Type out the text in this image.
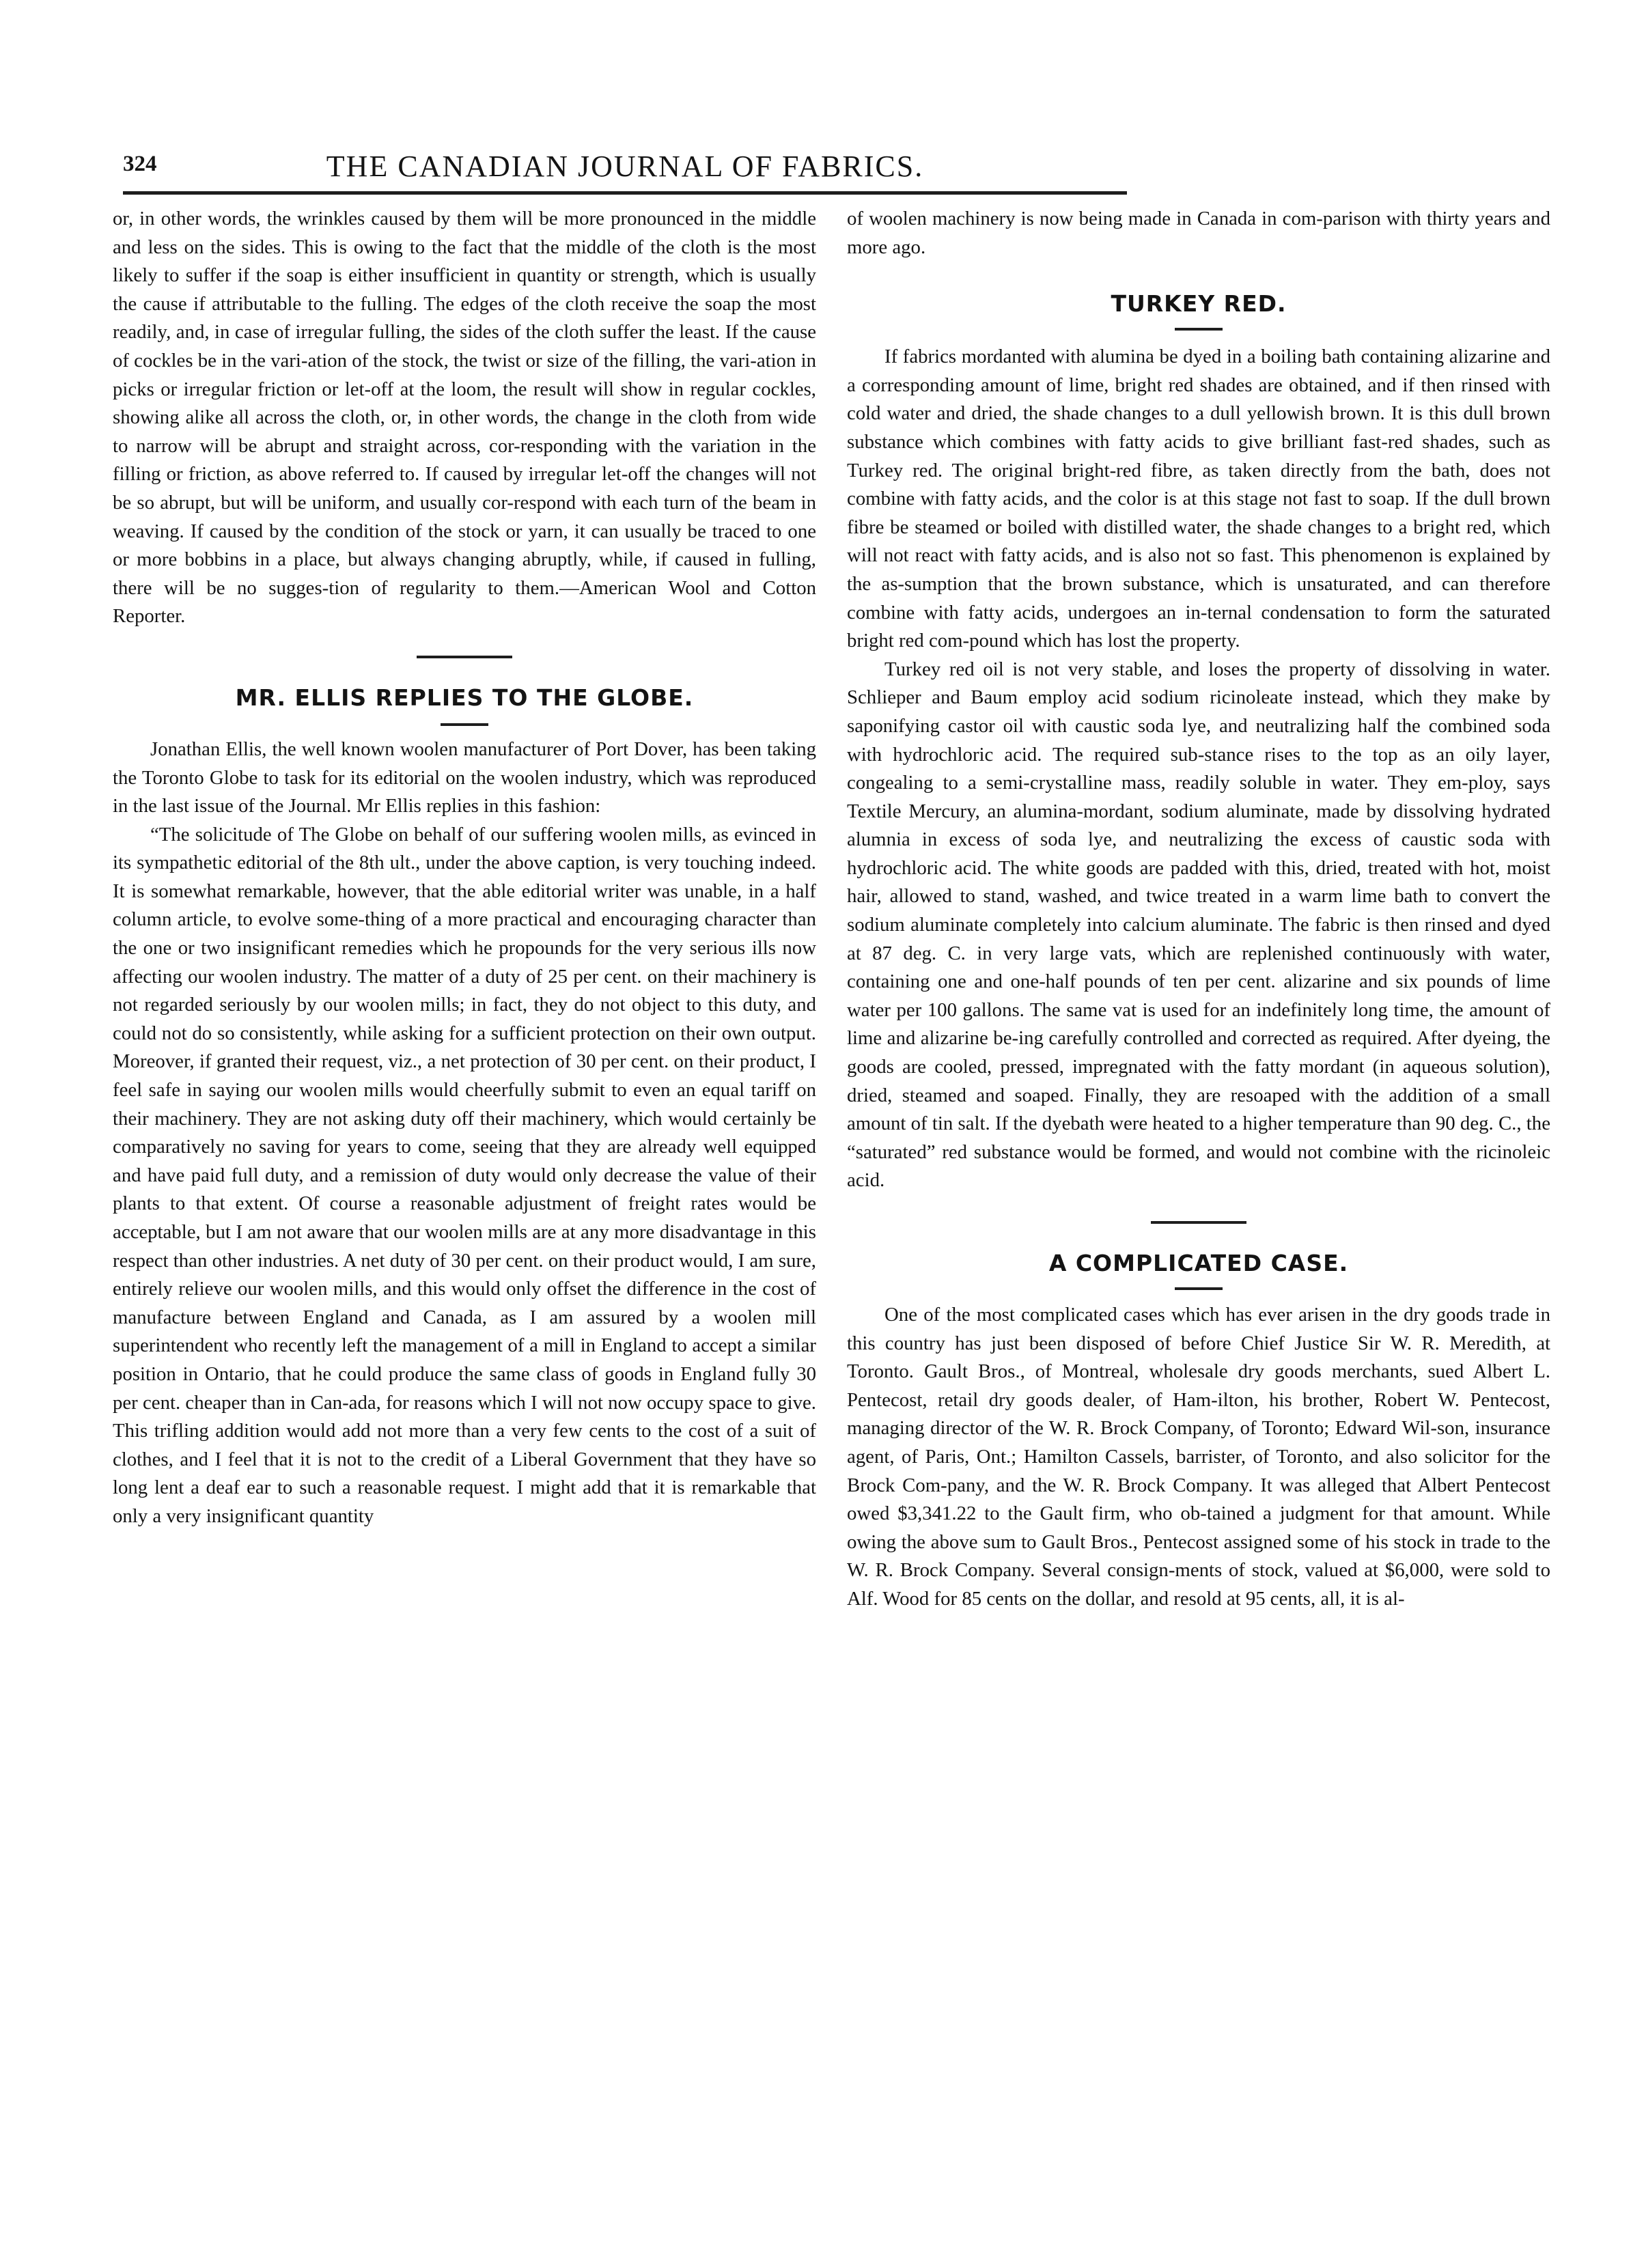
324	THE CANADIAN JOURNAL OF FABRICS.

or, in other words, the wrinkles caused by them will be more pronounced in the middle and less on the sides. This is owing to the fact that the middle of the cloth is the most likely to suffer if the soap is either insufficient in quantity or strength, which is usually the cause if attributable to the fulling. The edges of the cloth receive the soap the most readily, and, in case of irregular fulling, the sides of the cloth suffer the least. If the cause of cockles be in the vari-ation of the stock, the twist or size of the filling, the vari-ation in picks or irregular friction or let-off at the loom, the result will show in regular cockles, showing alike all across the cloth, or, in other words, the change in the cloth from wide to narrow will be abrupt and straight across, cor-responding with the variation in the filling or friction, as above referred to. If caused by irregular let-off the changes will not be so abrupt, but will be uniform, and usually cor-respond with each turn of the beam in weaving. If caused by the condition of the stock or yarn, it can usually be traced to one or more bobbins in a place, but always changing abruptly, while, if caused in fulling, there will be no sugges-tion of regularity to them.—American Wool and Cotton Reporter.

MR. ELLIS REPLIES TO THE GLOBE.

Jonathan Ellis, the well known woolen manufacturer of Port Dover, has been taking the Toronto Globe to task for its editorial on the woolen industry, which was reproduced in the last issue of the Journal. Mr Ellis replies in this fashion:

“The solicitude of The Globe on behalf of our suffering woolen mills, as evinced in its sympathetic editorial of the 8th ult., under the above caption, is very touching indeed. It is somewhat remarkable, however, that the able editorial writer was unable, in a half column article, to evolve some-thing of a more practical and encouraging character than the one or two insignificant remedies which he propounds for the very serious ills now affecting our woolen industry. The matter of a duty of 25 per cent. on their machinery is not regarded seriously by our woolen mills; in fact, they do not object to this duty, and could not do so consistently, while asking for a sufficient protection on their own output. Moreover, if granted their request, viz., a net protection of 30 per cent. on their product, I feel safe in saying our woolen mills would cheerfully submit to even an equal tariff on their machinery. They are not asking duty off their machinery, which would certainly be comparatively no saving for years to come, seeing that they are already well equipped and have paid full duty, and a remission of duty would only decrease the value of their plants to that extent. Of course a reasonable adjustment of freight rates would be acceptable, but I am not aware that our woolen mills are at any more disadvantage in this respect than other industries. A net duty of 30 per cent. on their product would, I am sure, entirely relieve our woolen mills, and this would only offset the difference in the cost of manufacture between England and Canada, as I am assured by a woolen mill superintendent who recently left the management of a mill in England to accept a similar position in Ontario, that he could produce the same class of goods in England fully 30 per cent. cheaper than in Can-ada, for reasons which I will not now occupy space to give. This trifling addition would add not more than a very few cents to the cost of a suit of clothes, and I feel that it is not to the credit of a Liberal Government that they have so long lent a deaf ear to such a reasonable request. I might add that it is remarkable that only a very insignificant quantity

of woolen machinery is now being made in Canada in com-parison with thirty years and more ago.

TURKEY RED.

If fabrics mordanted with alumina be dyed in a boiling bath containing alizarine and a corresponding amount of lime, bright red shades are obtained, and if then rinsed with cold water and dried, the shade changes to a dull yellowish brown. It is this dull brown substance which combines with fatty acids to give brilliant fast-red shades, such as Turkey red. The original bright-red fibre, as taken directly from the bath, does not combine with fatty acids, and the color is at this stage not fast to soap. If the dull brown fibre be steamed or boiled with distilled water, the shade changes to a bright red, which will not react with fatty acids, and is also not so fast. This phenomenon is explained by the as-sumption that the brown substance, which is unsaturated, and can therefore combine with fatty acids, undergoes an in-ternal condensation to form the saturated bright red com-pound which has lost the property.

Turkey red oil is not very stable, and loses the property of dissolving in water. Schlieper and Baum employ acid sodium ricinoleate instead, which they make by saponifying castor oil with caustic soda lye, and neutralizing half the combined soda with hydrochloric acid. The required sub-stance rises to the top as an oily layer, congealing to a semi-crystalline mass, readily soluble in water. They em-ploy, says Textile Mercury, an alumina-mordant, sodium aluminate, made by dissolving hydrated alumnia in excess of soda lye, and neutralizing the excess of caustic soda with hydrochloric acid. The white goods are padded with this, dried, treated with hot, moist hair, allowed to stand, washed, and twice treated in a warm lime bath to convert the sodium aluminate completely into calcium aluminate. The fabric is then rinsed and dyed at 87 deg. C. in very large vats, which are replenished continuously with water, containing one and one-half pounds of ten per cent. alizarine and six pounds of lime water per 100 gallons. The same vat is used for an indefinitely long time, the amount of lime and alizarine be-ing carefully controlled and corrected as required. After dyeing, the goods are cooled, pressed, impregnated with the fatty mordant (in aqueous solution), dried, steamed and soaped. Finally, they are resoaped with the addition of a small amount of tin salt. If the dyebath were heated to a higher temperature than 90 deg. C., the “saturated” red substance would be formed, and would not combine with the ricinoleic acid.

A COMPLICATED CASE.

One of the most complicated cases which has ever arisen in the dry goods trade in this country has just been disposed of before Chief Justice Sir W. R. Meredith, at Toronto. Gault Bros., of Montreal, wholesale dry goods merchants, sued Albert L. Pentecost, retail dry goods dealer, of Ham-ilton, his brother, Robert W. Pentecost, managing director of the W. R. Brock Company, of Toronto; Edward Wil-son, insurance agent, of Paris, Ont.; Hamilton Cassels, barrister, of Toronto, and also solicitor for the Brock Com-pany, and the W. R. Brock Company. It was alleged that Albert Pentecost owed $3,341.22 to the Gault firm, who ob-tained a judgment for that amount. While owing the above sum to Gault Bros., Pentecost assigned some of his stock in trade to the W. R. Brock Company. Several consign-ments of stock, valued at $6,000, were sold to Alf. Wood for 85 cents on the dollar, and resold at 95 cents, all, it is al-
